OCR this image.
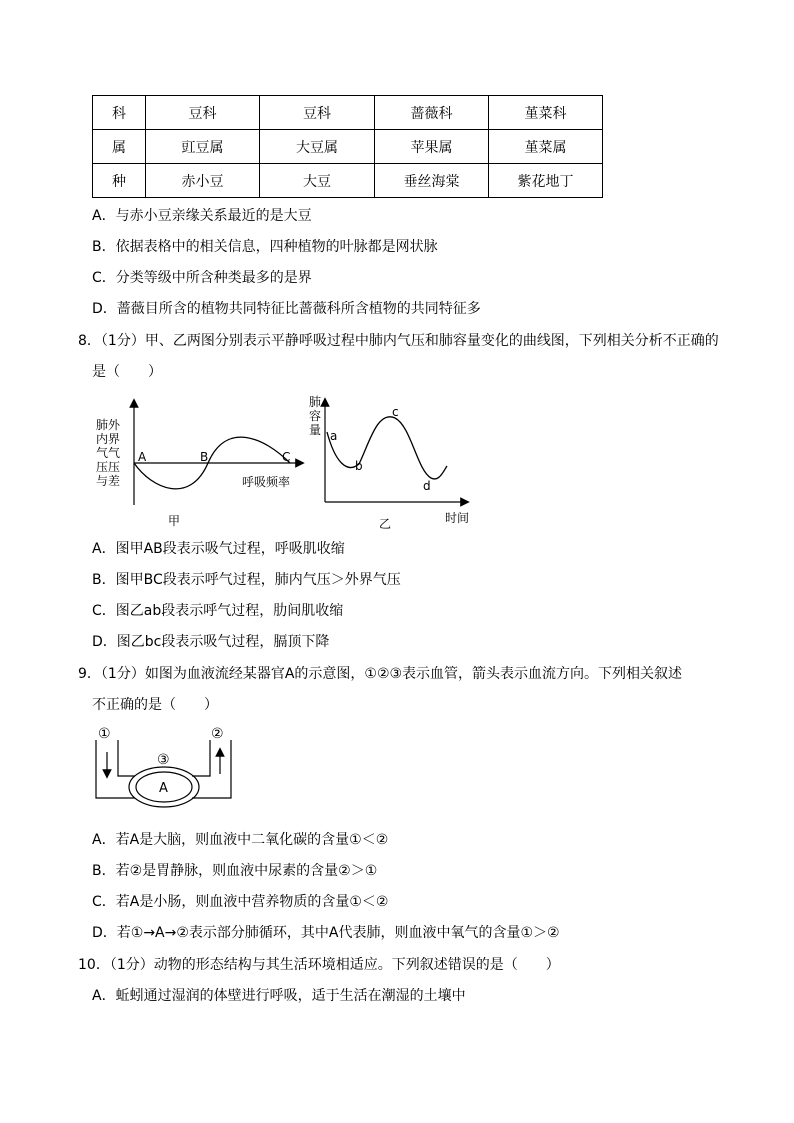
科	豆科	豆科	蔷薇科	堇菜科
属	豇豆属	大豆属	苹果属	堇菜属
种	赤小豆	大豆	垂丝海棠	紫花地丁
A．与赤小豆亲缘关系最近的是大豆
B．依据表格中的相关信息，四种植物的叶脉都是网状脉
C．分类等级中所含种类最多的是界
D．蔷薇目所含的植物共同特征比蔷薇科所含植物的共同特征多
8．（1分）甲、乙两图分别表示平静呼吸过程中肺内气压和肺容量变化的曲线图，下列相关分析不正确的
是（　　）
肺外
内界
气气
压压
与差
A	B	C
呼吸频率
甲
肺
容
量 a
b
c
d
时间
乙
A．图甲AB段表示吸气过程，呼吸肌收缩
B．图甲BC段表示呼气过程，肺内气压＞外界气压
C．图乙ab段表示呼气过程，肋间肌收缩
D．图乙bc段表示吸气过程，膈顶下降
9．（1分）如图为血液流经某器官A的示意图，①②③表示血管，箭头表示血流方向。下列相关叙述
不正确的是（　　）
A
①	②
③
A．若A是大脑，则血液中二氧化碳的含量①＜②
B．若②是胃静脉，则血液中尿素的含量②＞①
C．若A是小肠，则血液中营养物质的含量①＜②
D．若①→A→②表示部分肺循环，其中A代表肺，则血液中氧气的含量①＞②
10．（1分）动物的形态结构与其生活环境相适应。下列叙述错误的是（　　）
A．蚯蚓通过湿润的体壁进行呼吸，适于生活在潮湿的土壤中
